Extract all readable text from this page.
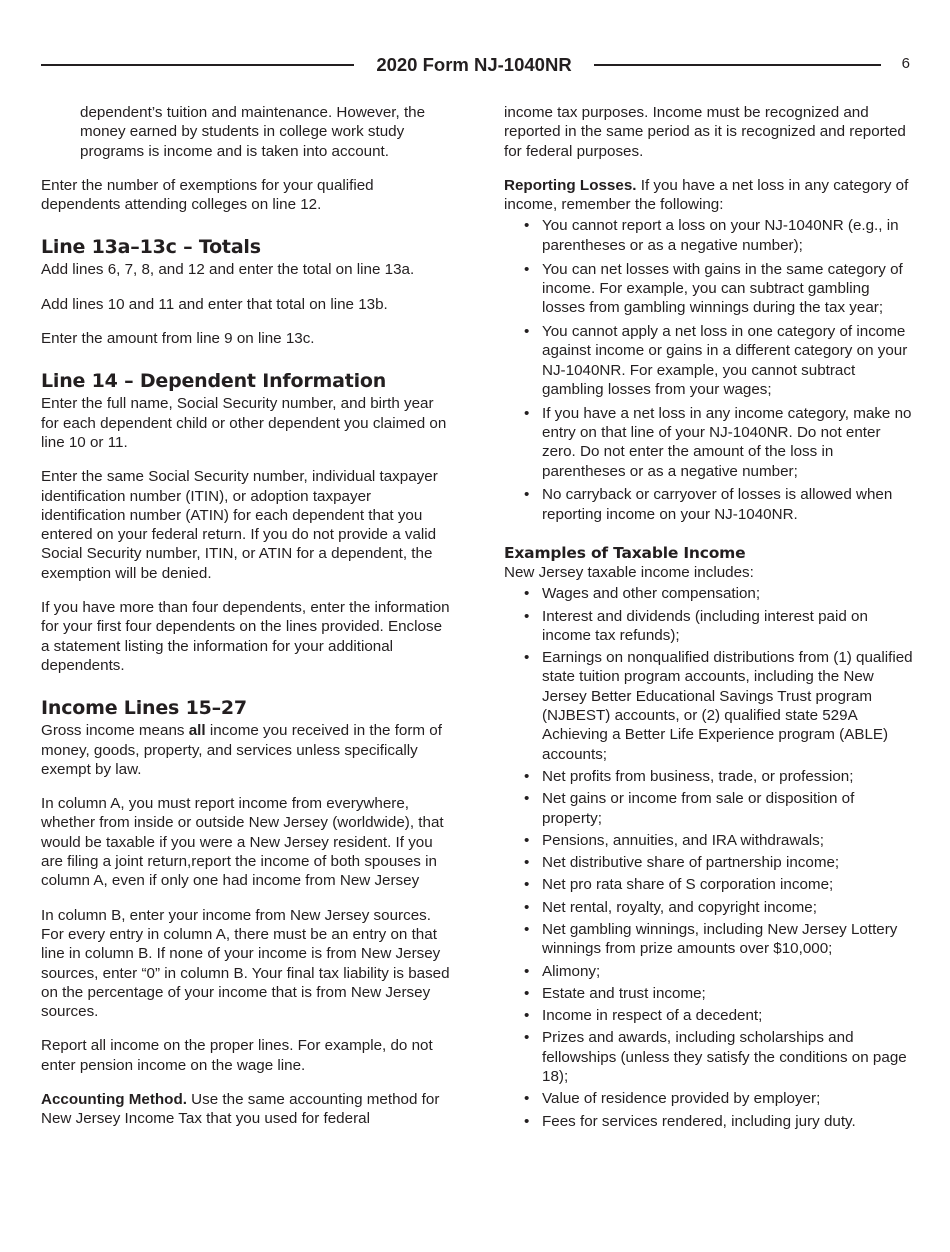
2020 Form NJ-1040NR	6

dependent’s tuition and maintenance. However, the money earned by students in college work study programs is income and is taken into account.

Enter the number of exemptions for your qualified dependents attending colleges on line 12.

Line 13a–13c – Totals

Add lines 6, 7, 8, and 12 and enter the total on line 13a.

Add lines 10 and 11 and enter that total on line 13b.

Enter the amount from line 9 on line 13c.

Line 14 – Dependent Information

Enter the full name, Social Security number, and birth year for each dependent child or other dependent you claimed on line 10 or 11.

Enter the same Social Security number, individual taxpayer identification number (ITIN), or adoption taxpayer identification number (ATIN) for each dependent that you entered on your federal return. If you do not provide a valid Social Security number, ITIN, or ATIN for a dependent, the exemption will be denied.

If you have more than four dependents, enter the information for your first four dependents on the lines provided. Enclose a statement listing the information for your additional dependents.

Income Lines 15–27

Gross income means all income you received in the form of money, goods, property, and services unless specifically exempt by law.

In column A, you must report income from everywhere, whether from inside or outside New Jersey (worldwide), that would be taxable if you were a New Jersey resident. If you are filing a joint return,report the income of both spouses in column A, even if only one had income from New Jersey

In column B, enter your income from New Jersey sources. For every entry in column A, there must be an entry on that line in column B. If none of your income is from New Jersey sources, enter “0” in column B. Your final tax liability is based on the percentage of your income that is from New Jersey sources.

Report all income on the proper lines. For example, do not enter pension income on the wage line.

Accounting Method. Use the same accounting method for New Jersey Income Tax that you used for federal

income tax purposes. Income must be recognized and reported in the same period as it is recognized and reported for federal purposes.

Reporting Losses. If you have a net loss in any category of income, remember the following:

• You cannot report a loss on your NJ-1040NR (e.g., in parentheses or as a negative number);
• You can net losses with gains in the same category of income. For example, you can subtract gambling losses from gambling winnings during the tax year;
• You cannot apply a net loss in one category of income against income or gains in a different category on your NJ-1040NR. For example, you cannot subtract gambling losses from your wages;
• If you have a net loss in any income category, make no entry on that line of your NJ-1040NR. Do not enter zero. Do not enter the amount of the loss in parentheses or as a negative number;
• No carryback or carryover of losses is allowed when reporting income on your NJ-1040NR.
Examples of Taxable Income

New Jersey taxable income includes:

• Wages and other compensation;
• Interest and dividends (including interest paid on income tax refunds);
• Earnings on nonqualified distributions from (1) qualified state tuition program accounts, including the New Jersey Better Educational Savings Trust program (NJBEST) accounts, or (2) qualified state 529A Achieving a Better Life Experience program (ABLE) accounts;
• Net profits from business, trade, or profession;
• Net gains or income from sale or disposition of property;
• Pensions, annuities, and IRA withdrawals;
• Net distributive share of partnership income;
• Net pro rata share of S corporation income;
• Net rental, royalty, and copyright income;
• Net gambling winnings, including New Jersey Lottery winnings from prize amounts over $10,000;
• Alimony;
• Estate and trust income;
• Income in respect of a decedent;
• Prizes and awards, including scholarships and fellowships (unless they satisfy the conditions on page 18);
• Value of residence provided by employer;
• Fees for services rendered, including jury duty.
